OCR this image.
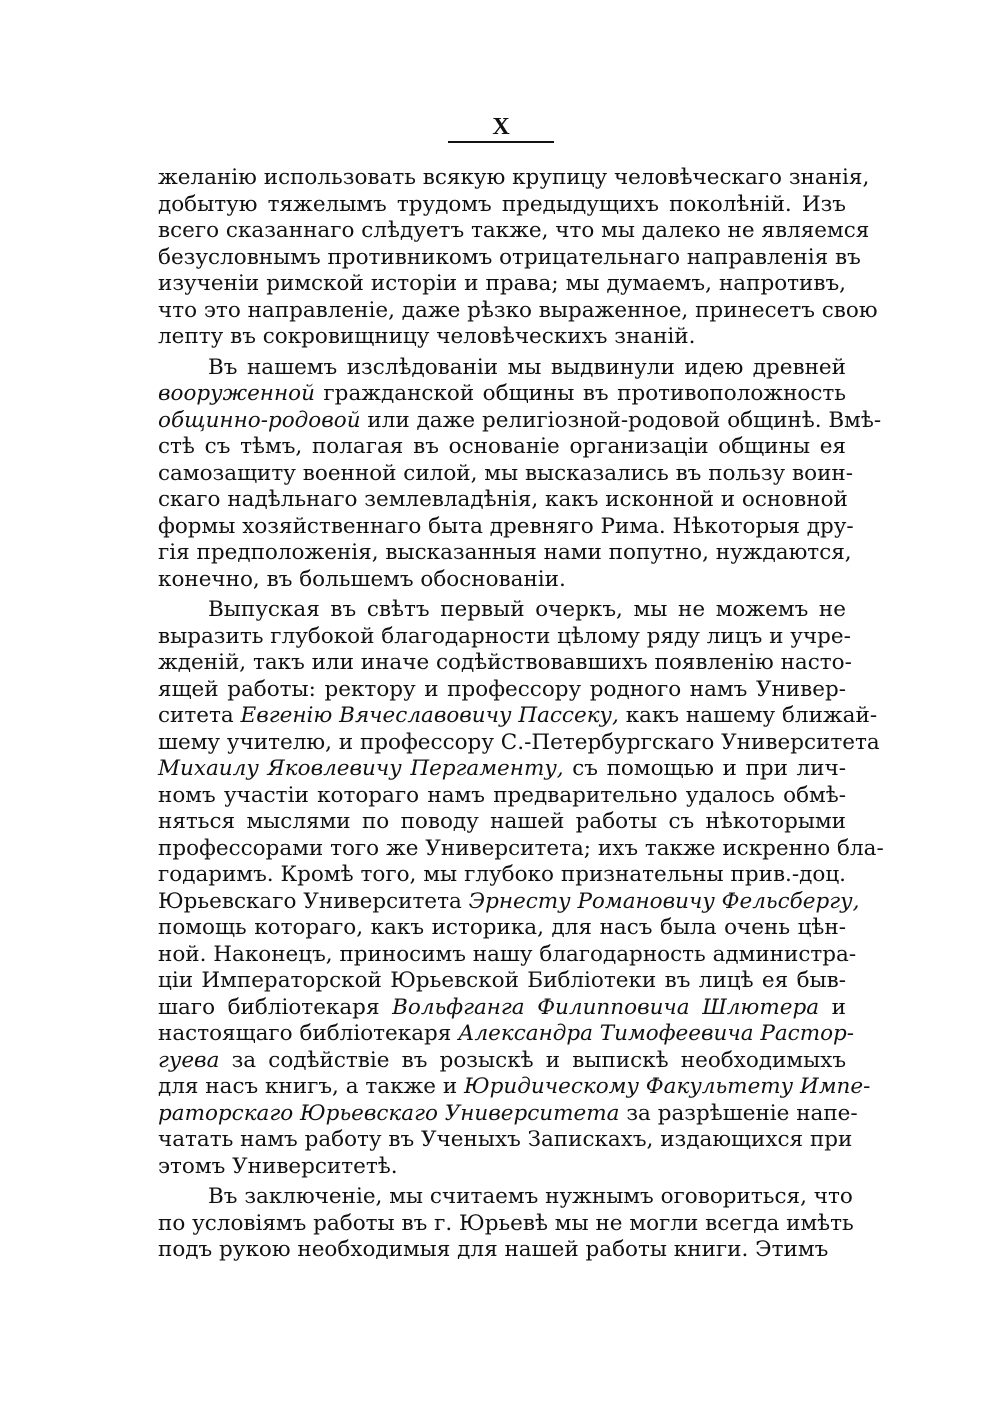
X
желанію использовать всякую крупицу человѣческаго знанія,
добытую тяжелымъ трудомъ предыдущихъ поколѣній. Изъ
всего сказаннаго слѣдуетъ также, что мы далеко не являемся
безусловнымъ противникомъ отрицательнаго направленія въ
изученіи римской исторіи и права; мы думаемъ, напротивъ,
что это направленіе, даже рѣзко выраженное, принесетъ свою
лепту въ сокровищницу человѣческихъ знаній.
Въ нашемъ изслѣдованіи мы выдвинули идею древней
вооруженной гражданской общины въ противоположность
общинно-родовой или даже религіозной-родовой общинѣ. Вмѣ-
стѣ съ тѣмъ, полагая въ основаніе организаціи общины ея
самозащиту военной силой, мы высказались въ пользу воин-
скаго надѣльнаго землевладѣнія, какъ исконной и основной
формы хозяйственнаго быта древняго Рима. Нѣкоторыя дру-
гія предположенія, высказанныя нами попутно, нуждаются,
конечно, въ большемъ обоснованіи.
Выпуская въ свѣтъ первый очеркъ, мы не можемъ не
выразить глубокой благодарности цѣлому ряду лицъ и учре-
жденій, такъ или иначе содѣйствовавшихъ появленію насто-
ящей работы: ректору и профессору родного намъ Универ-
ситета Евгенію Вячеславовичу Пассеку, какъ нашему ближай-
шему учителю, и профессору С.-Петербургскаго Университета
Михаилу Яковлевичу Пергаменту, съ помощью и при лич-
номъ участіи котораго намъ предварительно удалось обмѣ-
няться мыслями по поводу нашей работы съ нѣкоторыми
профессорами того же Университета; ихъ также искренно бла-
годаримъ. Кромѣ того, мы глубоко признательны прив.-доц.
Юрьевскаго Университета Эрнесту Романовичу Фельсбергу,
помощь котораго, какъ историка, для насъ была очень цѣн-
ной. Наконецъ, приносимъ нашу благодарность администра-
ціи Императорской Юрьевской Библіотеки въ лицѣ ея быв-
шаго библіотекаря Вольфганга Филипповича Шлютера и
настоящаго библіотекаря Александра Тимофеевича Растор-
гуева за содѣйствіе въ розыскѣ и выпискѣ необходимыхъ
для насъ книгъ, а также и Юридическому Факультету Импе-
раторскаго Юрьевскаго Университета за разрѣшеніе напе-
чатать намъ работу въ Ученыхъ Запискахъ, издающихся при
этомъ Университетѣ.
Въ заключеніе, мы считаемъ нужнымъ оговориться, что
по условіямъ работы въ г. Юрьевѣ мы не могли всегда имѣть
подъ рукою необходимыя для нашей работы книги. Этимъ
